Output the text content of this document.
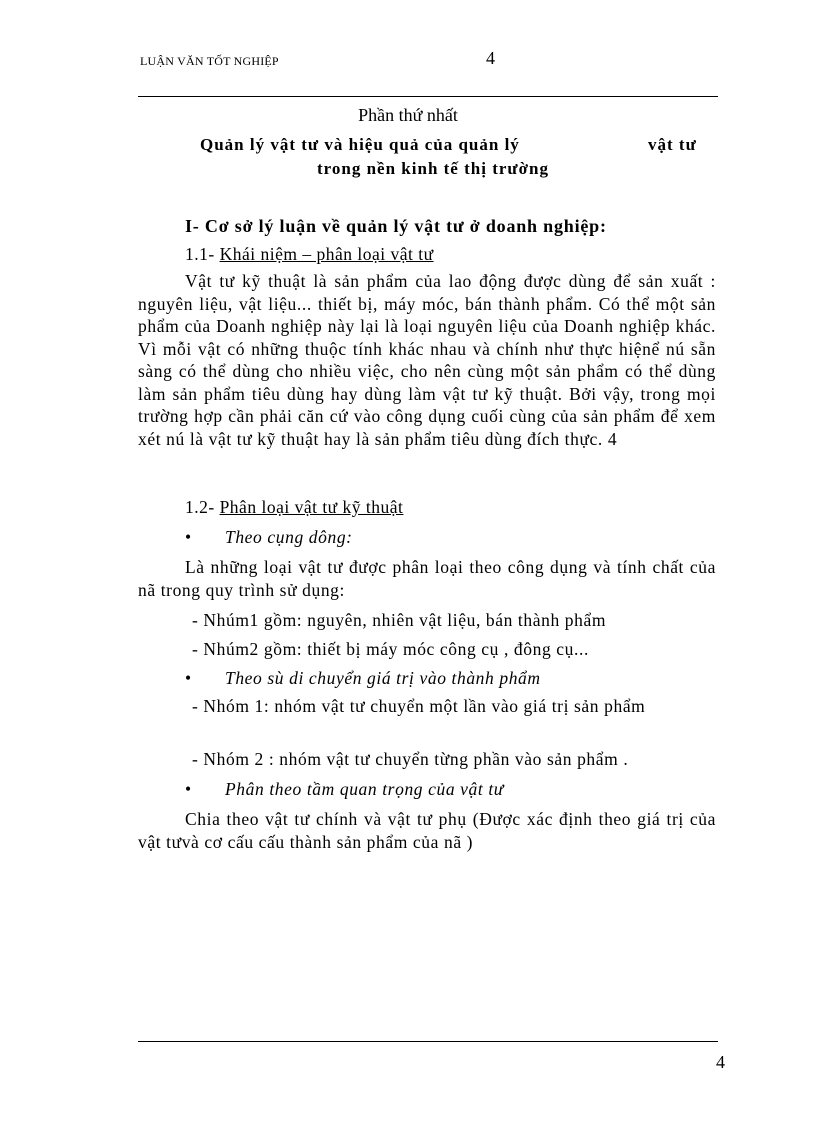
LUẬN VĂN TỐT NGHIỆP	4
Phần thứ nhất
Quản lý vật tư và hiệu quả của quản lý	vật tư
trong nền kinh tế thị trường
I- Cơ sở lý luận về quản lý vật tư ở doanh nghiệp:
1.1- Khái niệm – phân loại vật tư
Vật tư kỹ thuật là sản phẩm của lao động được dùng để sản xuất : nguyên liệu, vật liệu... thiết bị, máy móc, bán thành phẩm. Có thể một sản phẩm của Doanh nghiệp này lại là loại nguyên liệu của Doanh nghiệp khác. Vì mỗi vật có những thuộc tính khác nhau và chính như thực hiệnể nú sẵn sàng có thể dùng cho nhiều việc, cho nên cùng một sản phẩm có thể dùng làm sản phẩm tiêu dùng hay dùng làm vật tư kỹ thuật. Bởi vậy, trong mọi trường hợp cần phải căn cứ vào công dụng cuối cùng của sản phẩm để xem xét nú là vật tư kỹ thuật hay là sản phẩm tiêu dùng đích thực. 4
1.2- Phân loại vật tư kỹ thuật
• Theo cụng dông:
Là những loại vật tư được phân loại theo công dụng và tính chất của nã trong quy trình sử dụng:
- Nhúm1 gồm: nguyên, nhiên vật liệu, bán thành phẩm
- Nhúm2 gồm: thiết bị máy móc công cụ , đông cụ...
• Theo sù di chuyển giá trị vào thành phẩm
- Nhóm 1: nhóm vật tư chuyển một lần vào giá trị sản phẩm
- Nhóm 2 : nhóm vật tư chuyển từng phần vào sản phẩm .
• Phân theo tầm quan trọng của vật tư
Chia theo vật tư chính và vật tư phụ (Được xác định theo giá trị của vật tưvà cơ cấu cấu thành sản phẩm của nã )
4
